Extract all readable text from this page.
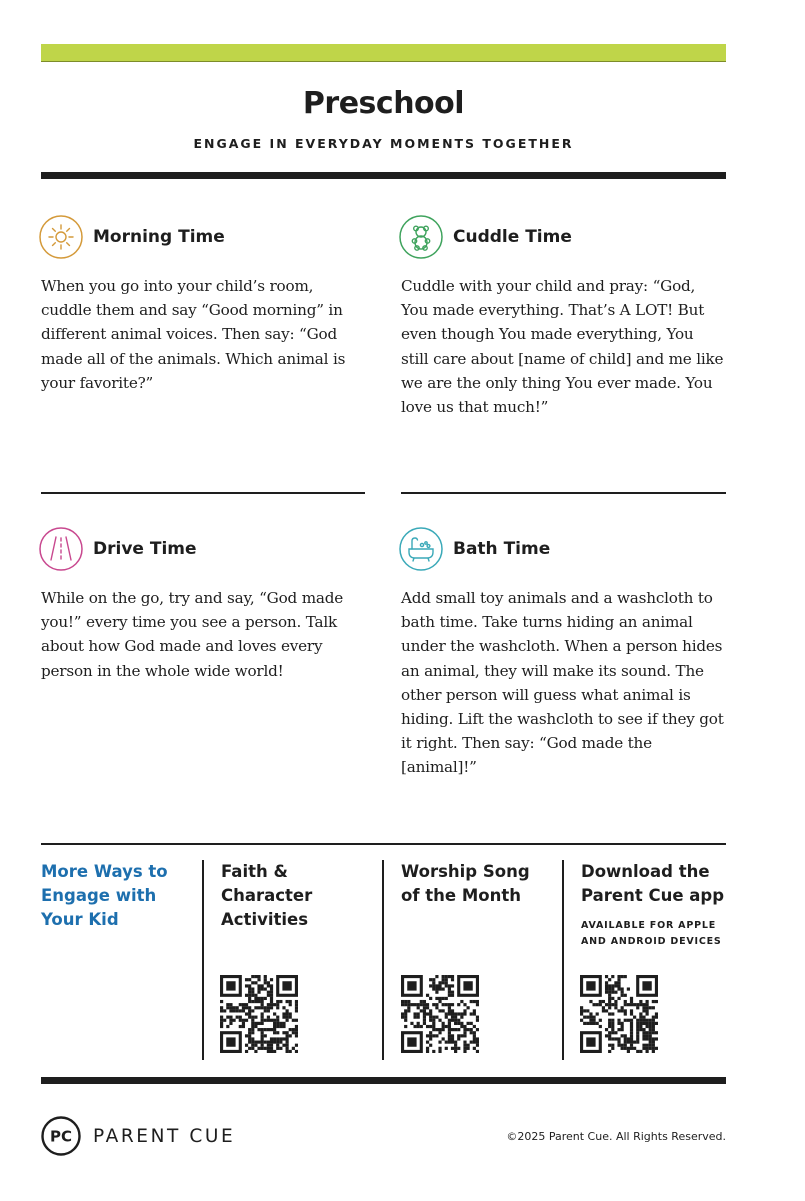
Preschool
ENGAGE IN EVERYDAY MOMENTS TOGETHER
Morning Time

When you go into your child’s room, cuddle them and say “Good morning” in different animal voices. Then say: “God made all of the animals. Which animal is your favorite?”

Cuddle Time

Cuddle with your child and pray: “God, You made everything. That’s A LOT! But even though You made everything, You still care about [name of child] and me like we are the only thing You ever made. You love us that much!”

Drive Time

While on the go, try and say, “God made you!” every time you see a person. Talk about how God made and loves every person in the whole wide world!

Bath Time

Add small toy animals and a washcloth to bath time. Take turns hiding an animal under the washcloth. When a person hides an animal, they will make its sound. The other person will guess what animal is hiding. Lift the washcloth to see if they got it right. Then say: “God made the [animal]!”

More Ways to Engage with Your Kid
Faith & Character Activities
Worship Song of the Month
Download the Parent Cue app
AVAILABLE FOR APPLE AND ANDROID DEVICES
PC PARENT CUE	©2025 Parent Cue. All Rights Reserved.
